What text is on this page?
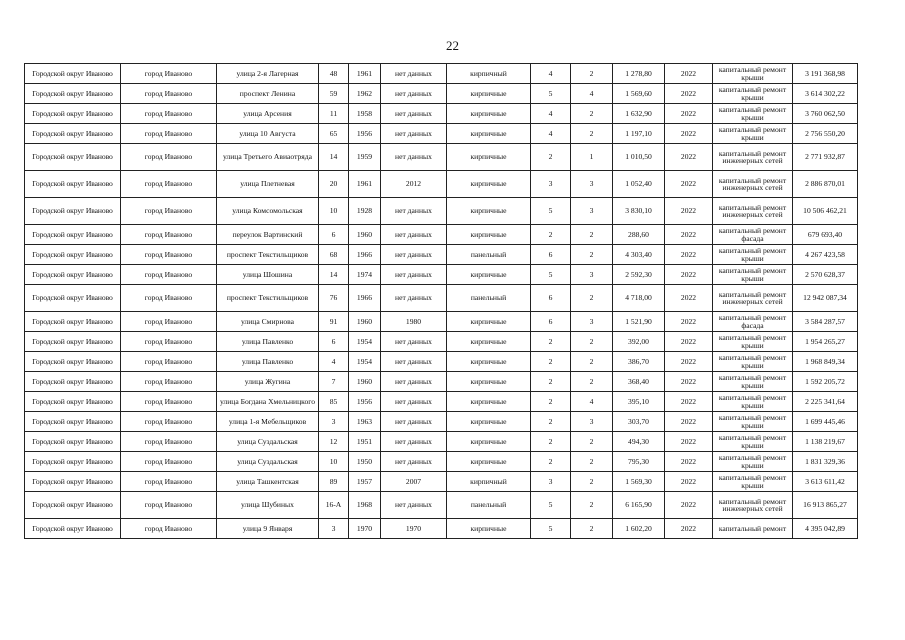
22
Городской округ Иваново	город Иваново	улица 2-я Лагерная	48	1961	нет данных	кирпичный	4	2	1 278,80	2022	капитальный ремонт крыши	3 191 368,98
Городской округ Иваново	город Иваново	проспект Ленина	59	1962	нет данных	кирпичные	5	4	1 569,60	2022	капитальный ремонт крыши	3 614 302,22
Городской округ Иваново	город Иваново	улица Арсения	11	1958	нет данных	кирпичные	4	2	1 632,90	2022	капитальный ремонт крыши	3 760 062,50
Городской округ Иваново	город Иваново	улица 10 Августа	65	1956	нет данных	кирпичные	4	2	1 197,10	2022	капитальный ремонт крыши	2 756 550,20
Городской округ Иваново	город Иваново	улица Третьего Авиаотряда	14	1959	нет данных	кирпичные	2	1	1 010,50	2022	капитальный ремонт инженерных сетей	2 771 932,87
Городской округ Иваново	город Иваново	улица Плетневая	20	1961	2012	кирпичные	3	3	1 052,40	2022	капитальный ремонт инженерных сетей	2 886 870,01
Городской округ Иваново	город Иваново	улица Комсомольская	10	1928	нет данных	кирпичные	5	3	3 830,10	2022	капитальный ремонт инженерных сетей	10 506 462,21
Городской округ Иваново	город Иваново	переулок Вартинский	6	1960	нет данных	кирпичные	2	2	288,60	2022	капитальный ремонт фасада	679 693,40
Городской округ Иваново	город Иваново	проспект Текстильщиков	68	1966	нет данных	панельный	6	2	4 303,40	2022	капитальный ремонт крыши	4 267 423,58
Городской округ Иваново	город Иваново	улица Шошина	14	1974	нет данных	кирпичные	5	3	2 592,30	2022	капитальный ремонт крыши	2 570 628,37
Городской округ Иваново	город Иваново	проспект Текстильщиков	76	1966	нет данных	панельный	6	2	4 718,00	2022	капитальный ремонт инженерных сетей	12 942 087,34
Городской округ Иваново	город Иваново	улица Смирнова	91	1960	1980	кирпичные	6	3	1 521,90	2022	капитальный ремонт фасада	3 584 287,57
Городской округ Иваново	город Иваново	улица Павленко	6	1954	нет данных	кирпичные	2	2	392,00	2022	капитальный ремонт крыши	1 954 265,27
Городской округ Иваново	город Иваново	улица Павленко	4	1954	нет данных	кирпичные	2	2	386,70	2022	капитальный ремонт крыши	1 968 849,34
Городской округ Иваново	город Иваново	улица Жугина	7	1960	нет данных	кирпичные	2	2	368,40	2022	капитальный ремонт крыши	1 592 205,72
Городской округ Иваново	город Иваново	улица Богдана Хмельницкого	85	1956	нет данных	кирпичные	2	4	395,10	2022	капитальный ремонт крыши	2 225 341,64
Городской округ Иваново	город Иваново	улица 1-я Мебельщиков	3	1963	нет данных	кирпичные	2	3	303,70	2022	капитальный ремонт крыши	1 699 445,46
Городской округ Иваново	город Иваново	улица Суздальская	12	1951	нет данных	кирпичные	2	2	494,30	2022	капитальный ремонт крыши	1 138 219,67
Городской округ Иваново	город Иваново	улица Суздальская	10	1950	нет данных	кирпичные	2	2	795,30	2022	капитальный ремонт крыши	1 831 329,36
Городской округ Иваново	город Иваново	улица Ташкентская	89	1957	2007	кирпичный	3	2	1 569,30	2022	капитальный ремонт крыши	3 613 611,42
Городской округ Иваново	город Иваново	улица Шубиных	16-А	1968	нет данных	панельный	5	2	6 165,90	2022	капитальный ремонт инженерных сетей	16 913 865,27
Городской округ Иваново	город Иваново	улица 9 Января	3	1970	1970	кирпичные	5	2	1 602,20	2022	капитальный ремонт	4 395 042,89
